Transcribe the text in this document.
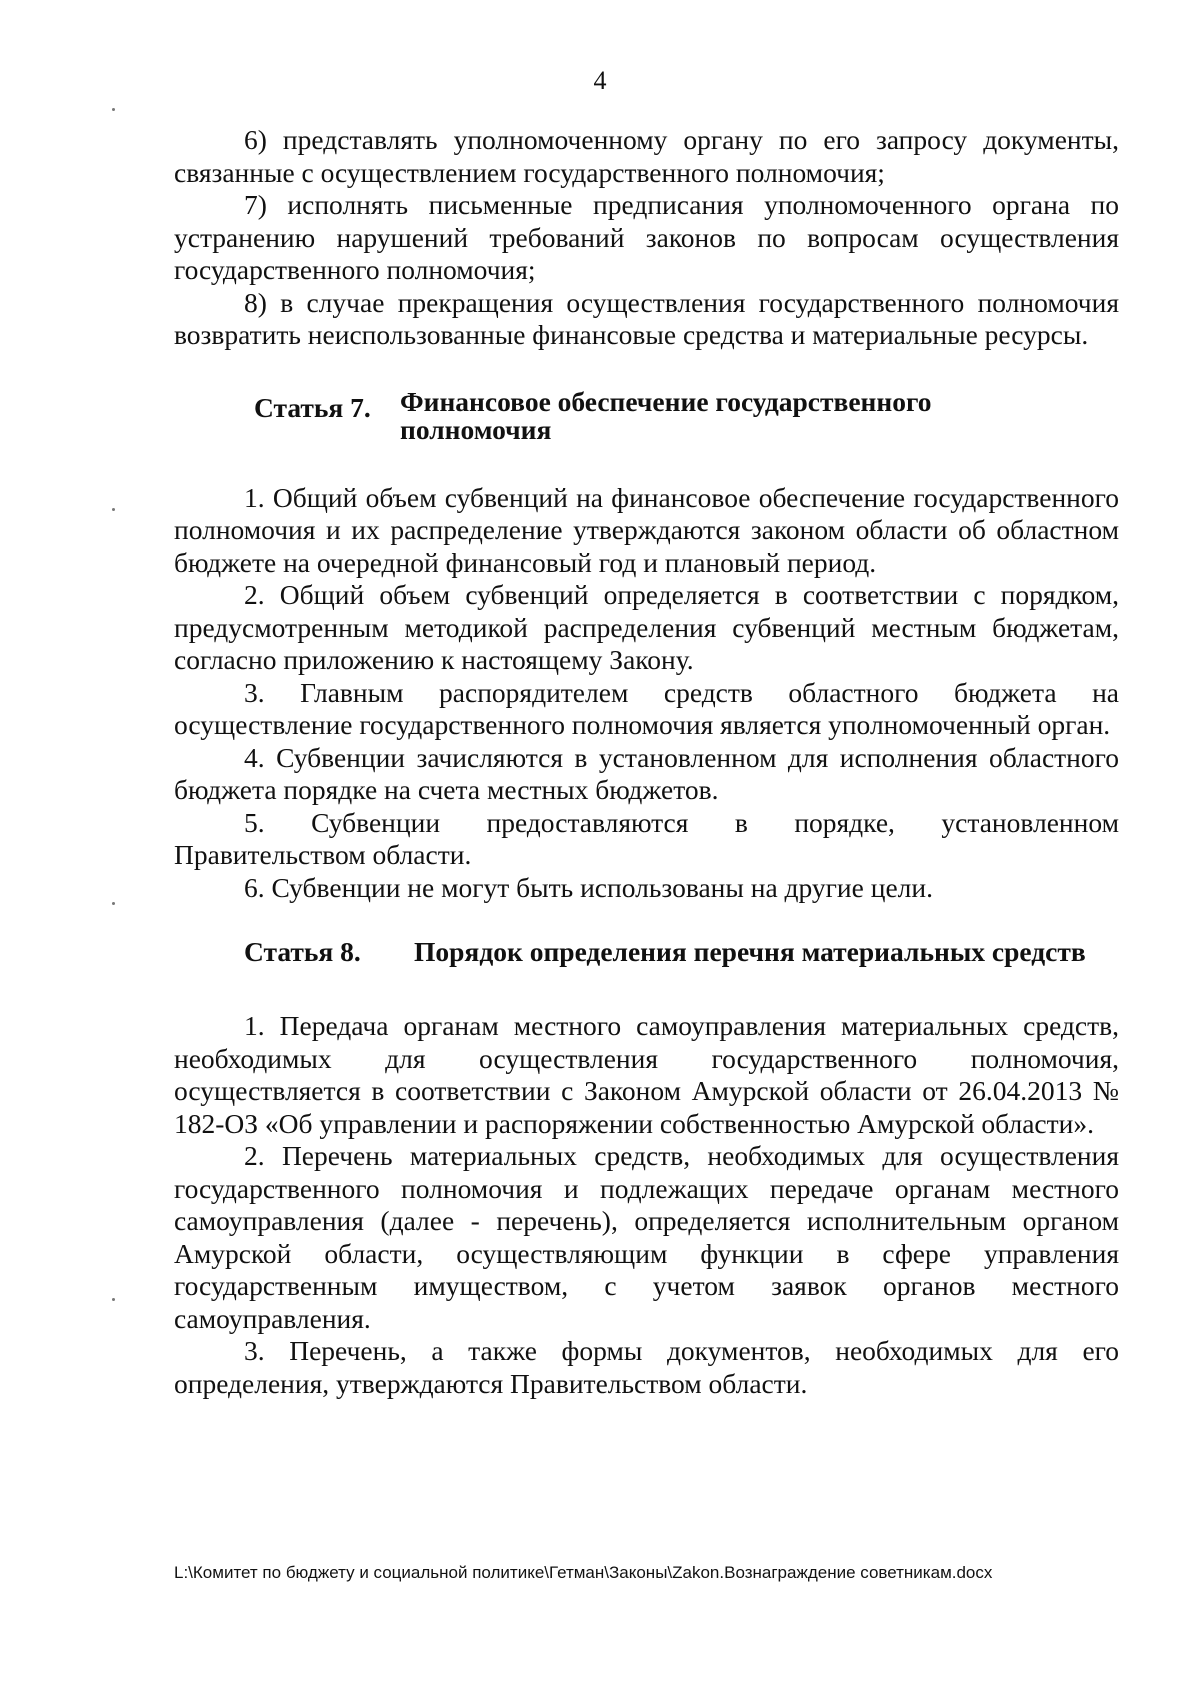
4

6) представлять уполномоченному органу по его запросу документы, связанные с осуществлением государственного полномочия;

7) исполнять письменные предписания уполномоченного органа по устранению нарушений требований законов по вопросам осуществления государственного полномочия;

8) в случае прекращения осуществления государственного полномочия возвратить неиспользованные финансовые средства и материальные ресурсы.

Статья 7.	Финансовое обеспечение государственного полномочия

1. Общий объем субвенций на финансовое обеспечение государственного полномочия и их распределение утверждаются законом области об областном бюджете на очередной финансовый год и плановый период.

2. Общий объем субвенций определяется в соответствии с порядком, предусмотренным методикой распределения субвенций местным бюджетам, согласно приложению к настоящему Закону.

3. Главным распорядителем средств областного бюджета на осуществление государственного полномочия является уполномоченный орган.

4. Субвенции зачисляются в установленном для исполнения областного бюджета порядке на счета местных бюджетов.

5. Субвенции предоставляются в порядке, установленном Правительством области.

6. Субвенции не могут быть использованы на другие цели.

Статья 8.	Порядок определения перечня материальных средств

1. Передача органам местного самоуправления материальных средств, необходимых для осуществления государственного полномочия, осуществляется в соответствии с Законом Амурской области от 26.04.2013 № 182-ОЗ «Об управлении и распоряжении собственностью Амурской области».

2. Перечень материальных средств, необходимых для осуществления государственного полномочия и подлежащих передаче органам местного самоуправления (далее - перечень), определяется исполнительным органом Амурской области, осуществляющим функции в сфере управления государственным имуществом, с учетом заявок органов местного самоуправления.

3. Перечень, а также формы документов, необходимых для его определения, утверждаются Правительством области.

L:\Комитет по бюджету и социальной политике\Гетман\Законы\Zakon.Вознаграждение советникам.docx
